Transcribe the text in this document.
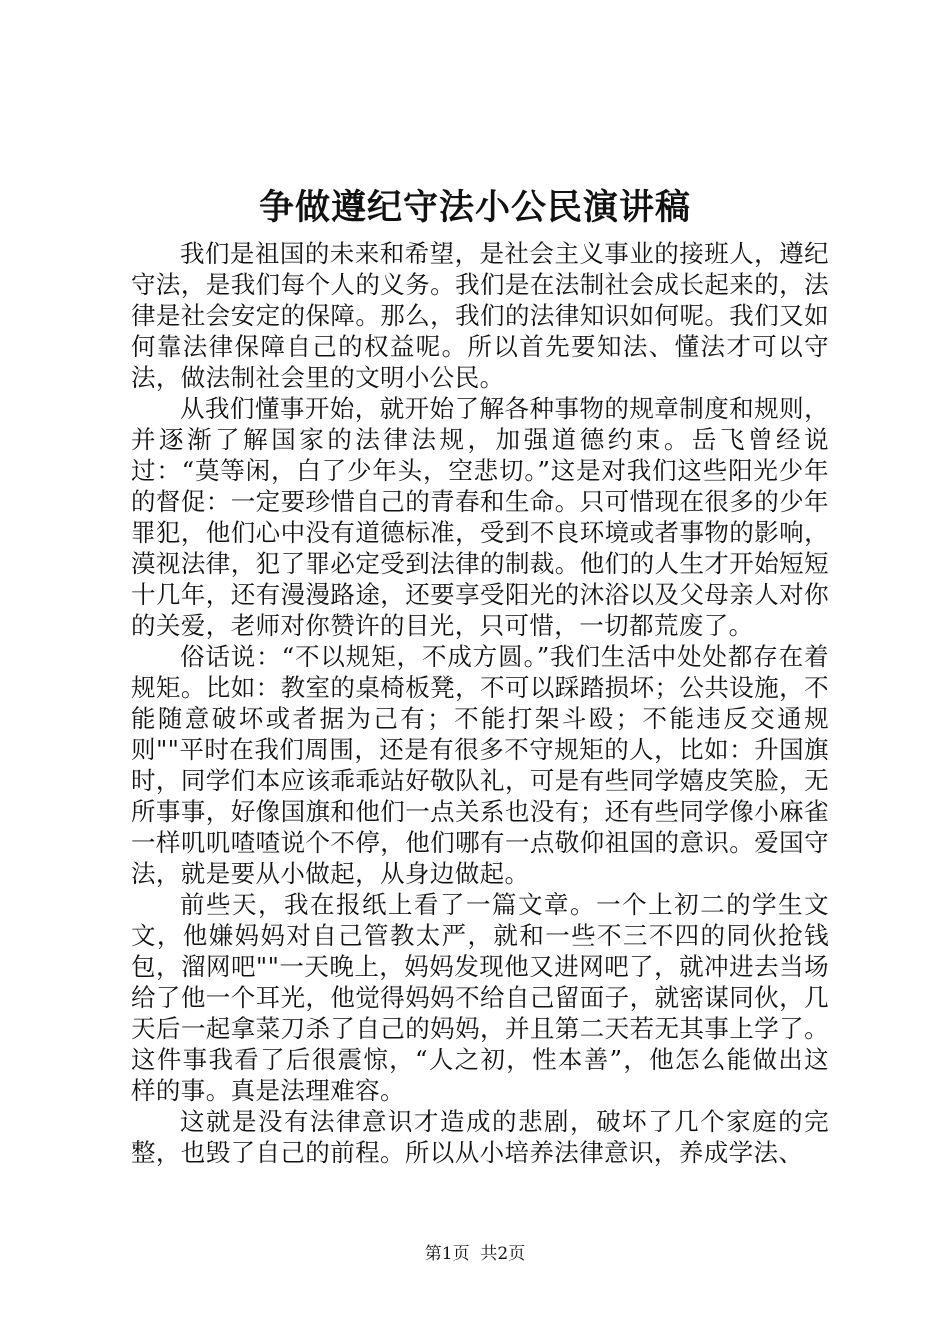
争做遵纪守法小公民演讲稿

我们是祖国的未来和希望，是社会主义事业的接班人，遵纪守法，是我们每个人的义务。我们是在法制社会成长起来的，法律是社会安定的保障。那么，我们的法律知识如何呢。我们又如何靠法律保障自己的权益呢。所以首先要知法、懂法才可以守法，做法制社会里的文明小公民。

从我们懂事开始，就开始了解各种事物的规章制度和规则，并逐渐了解国家的法律法规，加强道德约束。岳飞曾经说过：“莫等闲，白了少年头，空悲切。”这是对我们这些阳光少年的督促：一定要珍惜自己的青春和生命。只可惜现在很多的少年罪犯，他们心中没有道德标准，受到不良环境或者事物的影响，漠视法律，犯了罪必定受到法律的制裁。他们的人生才开始短短十几年，还有漫漫路途，还要享受阳光的沐浴以及父母亲人对你的关爱，老师对你赞许的目光，只可惜，一切都荒废了。

俗话说：“不以规矩，不成方圆。”我们生活中处处都存在着规矩。比如：教室的桌椅板凳，不可以踩踏损坏；公共设施，不能随意破坏或者据为己有；不能打架斗殴；不能违反交通规则""平时在我们周围，还是有很多不守规矩的人，比如：升国旗时，同学们本应该乖乖站好敬队礼，可是有些同学嬉皮笑脸，无所事事，好像国旗和他们一点关系也没有；还有些同学像小麻雀一样叽叽喳喳说个不停，他们哪有一点敬仰祖国的意识。爱国守法，就是要从小做起，从身边做起。

前些天，我在报纸上看了一篇文章。一个上初二的学生文文，他嫌妈妈对自己管教太严，就和一些不三不四的同伙抢钱包，溜网吧""一天晚上，妈妈发现他又进网吧了，就冲进去当场给了他一个耳光，他觉得妈妈不给自己留面子，就密谋同伙，几天后一起拿菜刀杀了自己的妈妈，并且第二天若无其事上学了。这件事我看了后很震惊，“人之初，性本善”，他怎么能做出这样的事。真是法理难容。

这就是没有法律意识才造成的悲剧，破坏了几个家庭的完整，也毁了自己的前程。所以从小培养法律意识，养成学法、

第1页  共2页
